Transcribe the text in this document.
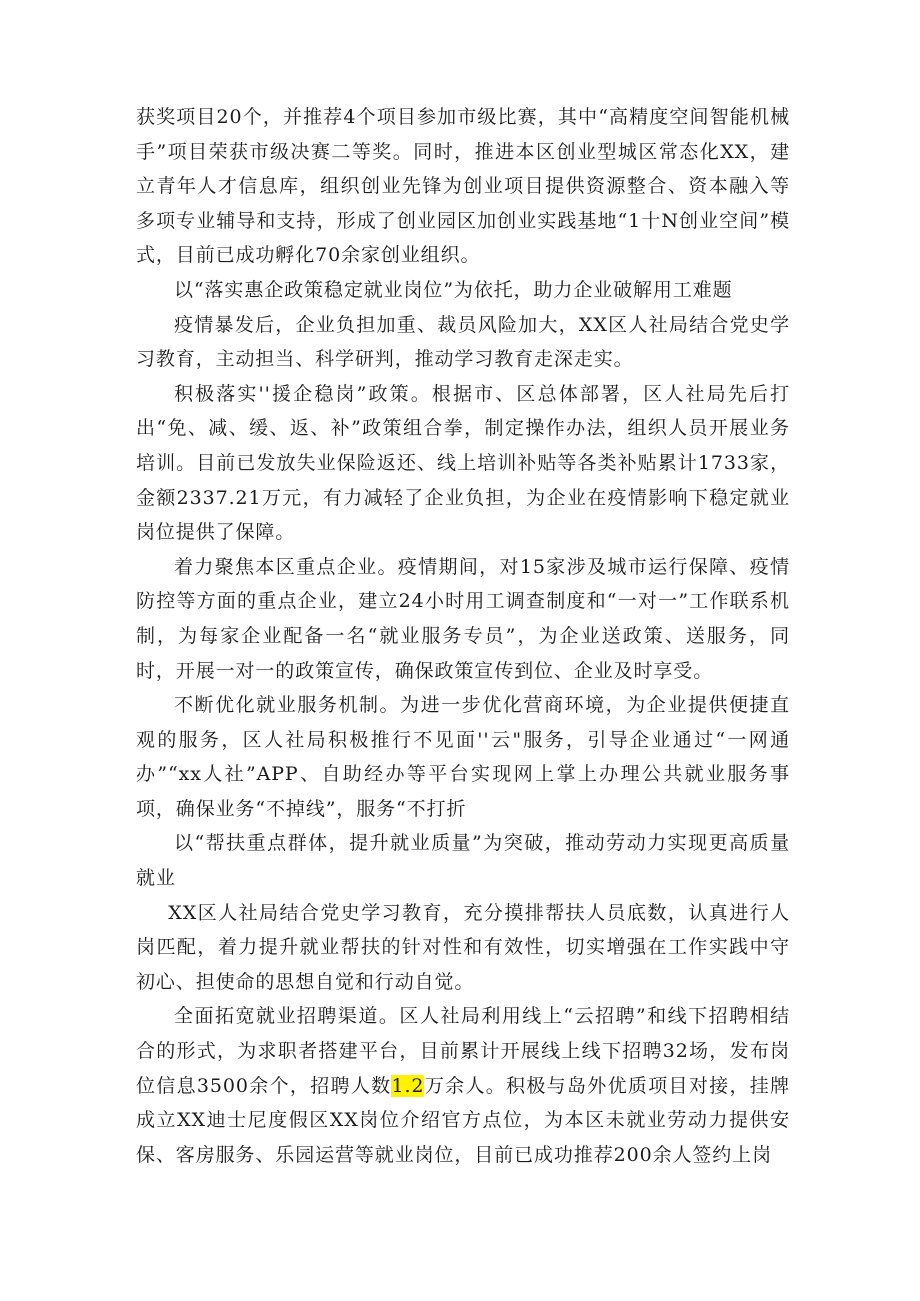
获奖项目20个，并推荐4个项目参加市级比赛，其中“高精度空间智能机械手”项目荣获市级决赛二等奖。同时，推进本区创业型城区常态化XX，建立青年人才信息库，组织创业先锋为创业项目提供资源整合、资本融入等多项专业辅导和支持，形成了创业园区加创业实践基地“1十N创业空间”模式，目前已成功孵化70余家创业组织。

以“落实惠企政策稳定就业岗位”为依托，助力企业破解用工难题

疫情暴发后，企业负担加重、裁员风险加大，XX区人社局结合党史学习教育，主动担当、科学研判，推动学习教育走深走实。

积极落实''援企稳岗”政策。根据市、区总体部署，区人社局先后打出“免、减、缓、返、补”政策组合拳，制定操作办法，组织人员开展业务培训。目前已发放失业保险返还、线上培训补贴等各类补贴累计1733家，金额2337.21万元，有力减轻了企业负担，为企业在疫情影响下稳定就业岗位提供了保障。

着力聚焦本区重点企业。疫情期间，对15家涉及城市运行保障、疫情防控等方面的重点企业，建立24小时用工调查制度和“一对一”工作联系机制，为每家企业配备一名“就业服务专员”，为企业送政策、送服务，同时，开展一对一的政策宣传，确保政策宣传到位、企业及时享受。

不断优化就业服务机制。为进一步优化营商环境，为企业提供便捷直观的服务，区人社局积极推行不见面''云"服务，引导企业通过“一网通办”“xx人社”APP、自助经办等平台实现网上掌上办理公共就业服务事项，确保业务“不掉线”，服务“不打折

以“帮扶重点群体，提升就业质量”为突破，推动劳动力实现更高质量就业

XX区人社局结合党史学习教育，充分摸排帮扶人员底数，认真进行人岗匹配，着力提升就业帮扶的针对性和有效性，切实增强在工作实践中守初心、担使命的思想自觉和行动自觉。

全面拓宽就业招聘渠道。区人社局利用线上“云招聘”和线下招聘相结合的形式，为求职者搭建平台，目前累计开展线上线下招聘32场，发布岗位信息3500余个，招聘人数1.2万余人。积极与岛外优质项目对接，挂牌成立XX迪士尼度假区XX岗位介绍官方点位，为本区未就业劳动力提供安保、客房服务、乐园运营等就业岗位，目前已成功推荐200余人签约上岗
